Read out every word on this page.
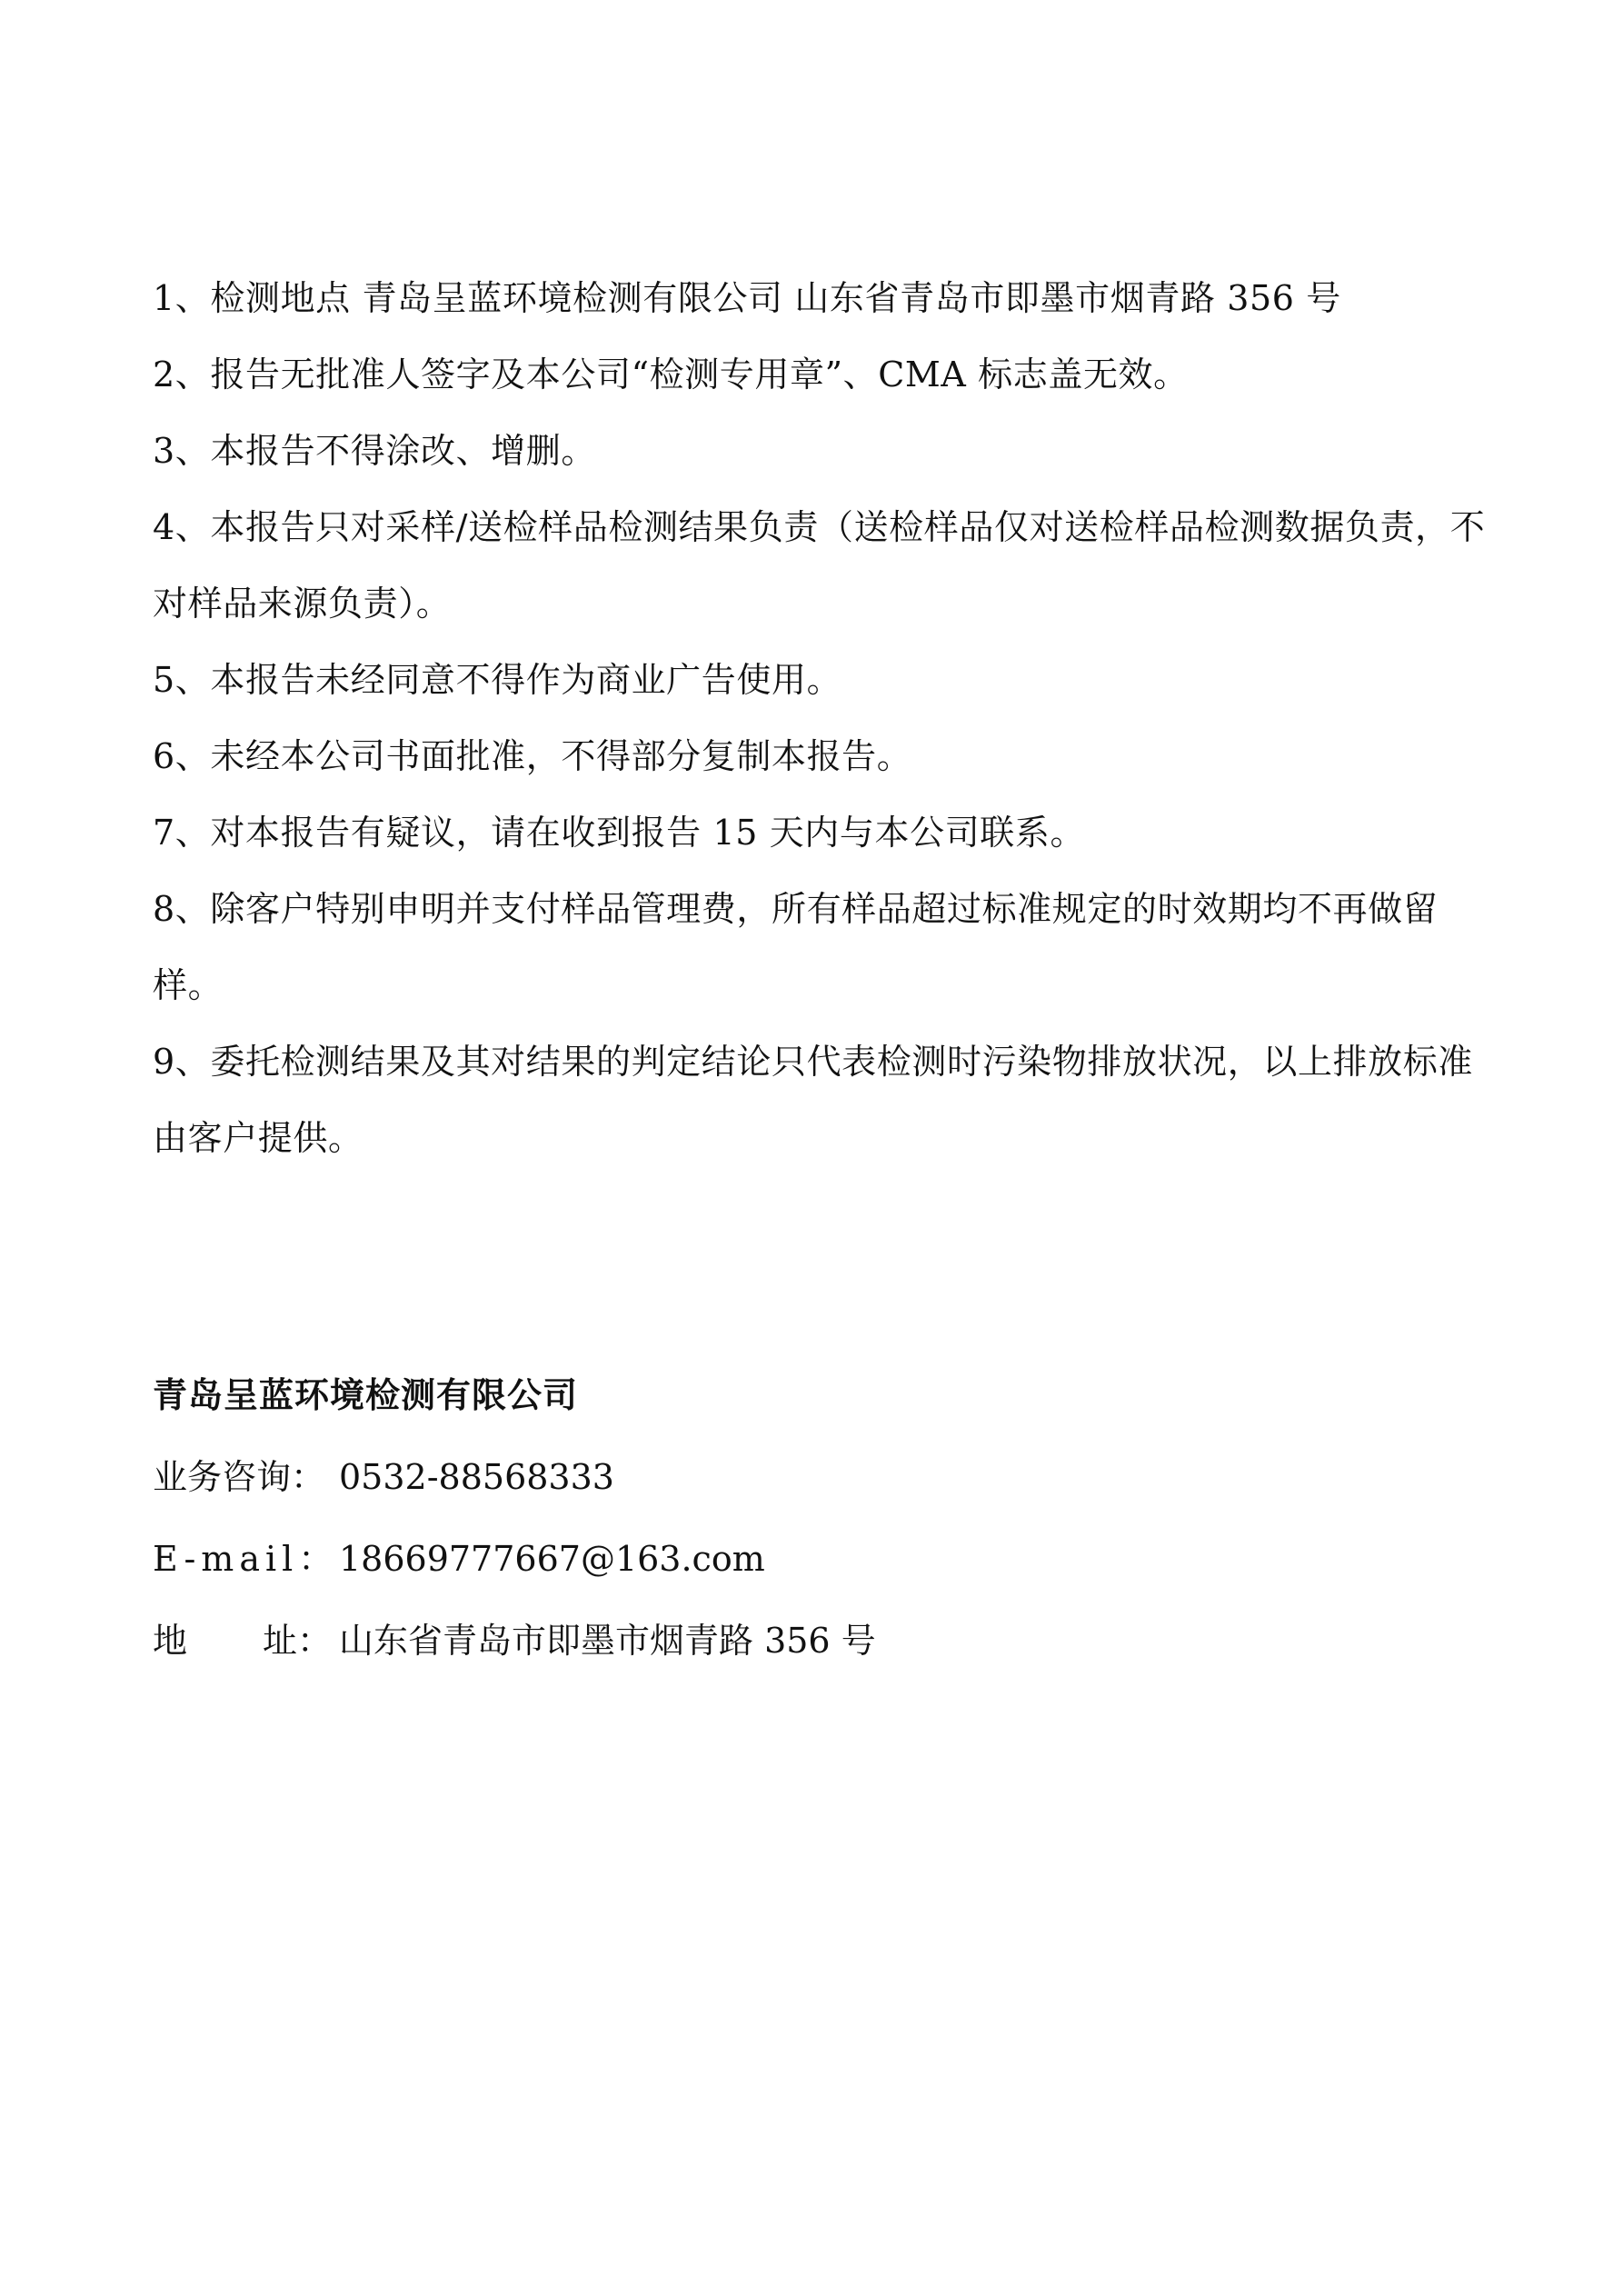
1、检测地点 青岛呈蓝环境检测有限公司 山东省青岛市即墨市烟青路 356 号
2、报告无批准人签字及本公司“检测专用章”、CMA 标志盖无效。
3、本报告不得涂改、增删。
4、本报告只对采样/送检样品检测结果负责（送检样品仅对送检样品检测数据负责，不对样品来源负责）。
5、本报告未经同意不得作为商业广告使用。
6、未经本公司书面批准，不得部分复制本报告。
7、对本报告有疑议，请在收到报告 15 天内与本公司联系。
8、除客户特别申明并支付样品管理费，所有样品超过标准规定的时效期均不再做留样。
9、委托检测结果及其对结果的判定结论只代表检测时污染物排放状况，以上排放标准由客户提供。
青岛呈蓝环境检测有限公司
业务咨询： 0532-88568333
E-mail： 18669777667@163.com
地 址： 山东省青岛市即墨市烟青路 356 号
